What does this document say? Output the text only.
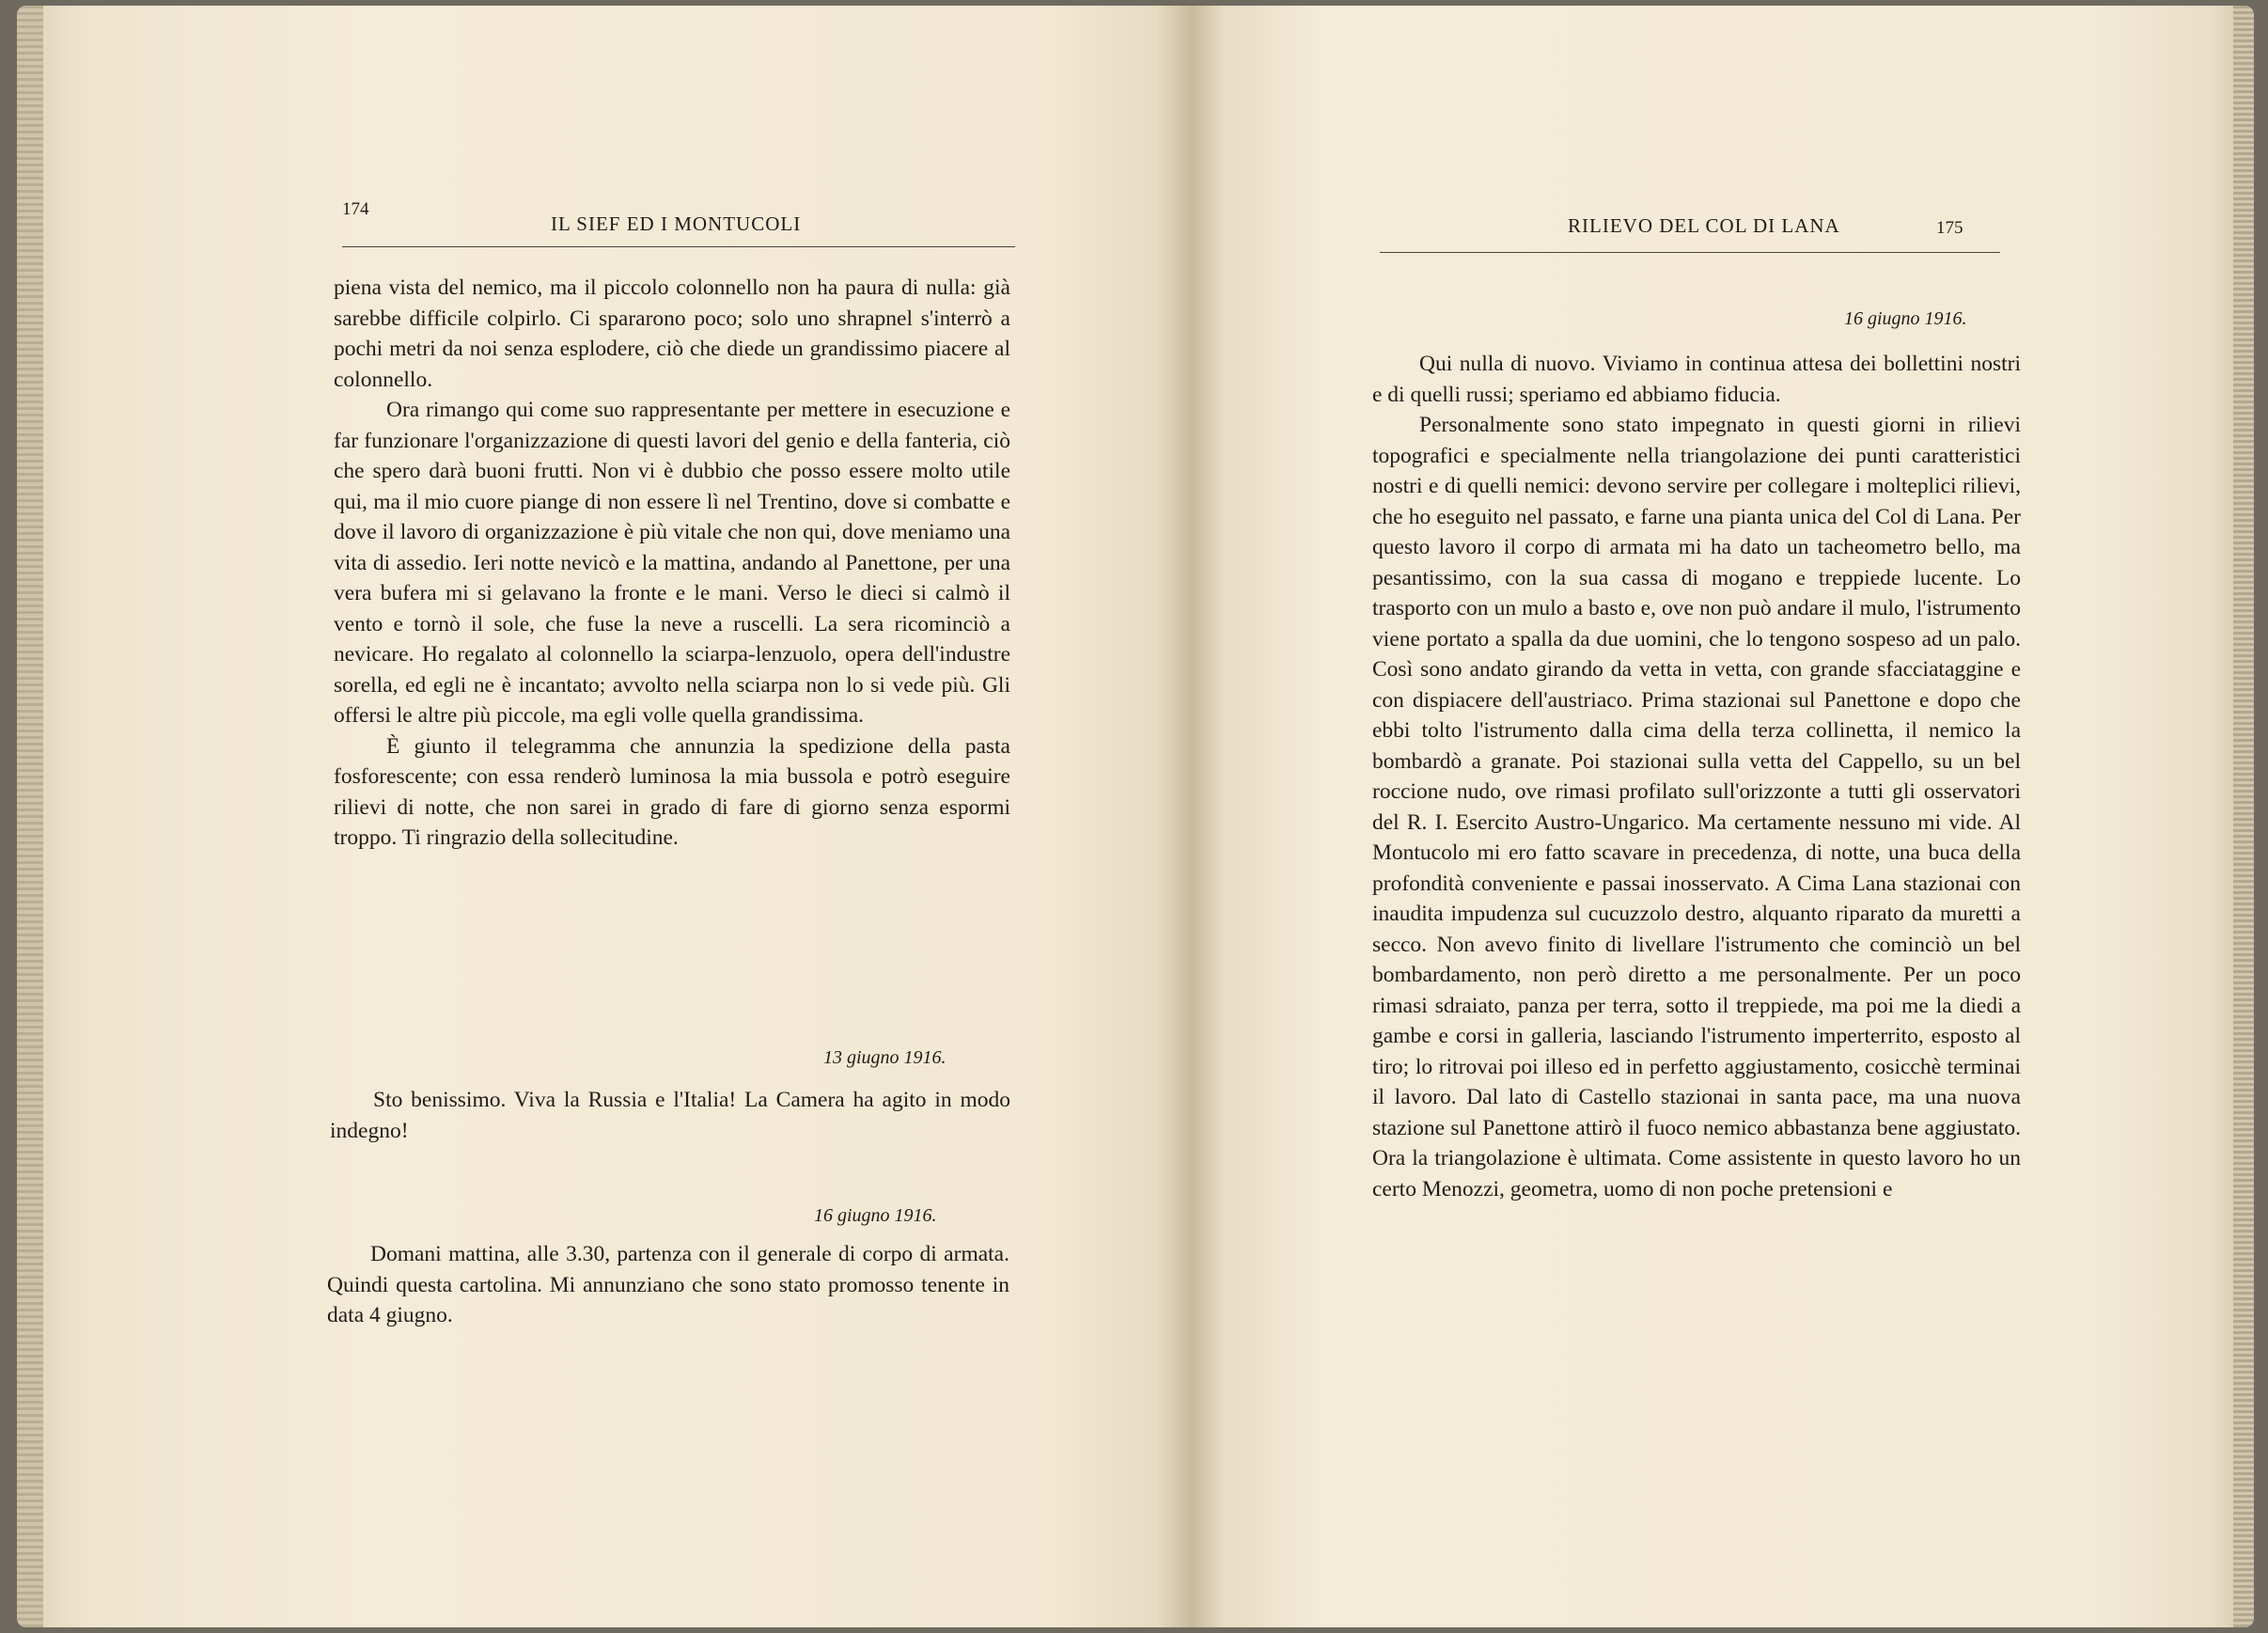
174
IL SIEF ED I MONTUCOLI

piena vista del nemico, ma il piccolo colonnello non ha paura di nulla: già sarebbe difficile colpirlo. Ci spararono poco; solo uno shrapnel s'interrò a pochi metri da noi senza esplodere, ciò che diede un grandissimo piacere al colonnello.

Ora rimango qui come suo rappresentante per mettere in esecuzione e far funzionare l'organizzazione di questi lavori del genio e della fanteria, ciò che spero darà buoni frutti. Non vi è dubbio che posso essere molto utile qui, ma il mio cuore piange di non essere lì nel Trentino, dove si combatte e dove il lavoro di organizzazione è più vitale che non qui, dove meniamo una vita di assedio. Ieri notte nevicò e la mattina, andando al Panettone, per una vera bufera mi si gelavano la fronte e le mani. Verso le dieci si calmò il vento e tornò il sole, che fuse la neve a ruscelli. La sera ricominciò a nevicare. Ho regalato al colonnello la sciarpa-lenzuolo, opera dell'industre sorella, ed egli ne è incantato; avvolto nella sciarpa non lo si vede più. Gli offersi le altre più piccole, ma egli volle quella grandissima.

È giunto il telegramma che annunzia la spedizione della pasta fosforescente; con essa renderò luminosa la mia bussola e potrò eseguire rilievi di notte, che non sarei in grado di fare di giorno senza espormi troppo. Ti ringrazio della sollecitudine.

13 giugno 1916.

Sto benissimo. Viva la Russia e l'Italia! La Camera ha agito in modo indegno!

16 giugno 1916.

Domani mattina, alle 3.30, partenza con il generale di corpo di armata. Quindi questa cartolina. Mi annunziano che sono stato promosso tenente in data 4 giugno.

RILIEVO DEL COL DI LANA	175
16 giugno 1916.

Qui nulla di nuovo. Viviamo in continua attesa dei bollettini nostri e di quelli russi; speriamo ed abbiamo fiducia.

Personalmente sono stato impegnato in questi giorni in rilievi topografici e specialmente nella triangolazione dei punti caratteristici nostri e di quelli nemici: devono servire per collegare i molteplici rilievi, che ho eseguito nel passato, e farne una pianta unica del Col di Lana. Per questo lavoro il corpo di armata mi ha dato un tacheometro bello, ma pesantissimo, con la sua cassa di mogano e treppiede lucente. Lo trasporto con un mulo a basto e, ove non può andare il mulo, l'istrumento viene portato a spalla da due uomini, che lo tengono sospeso ad un palo. Così sono andato girando da vetta in vetta, con grande sfacciataggine e con dispiacere dell'austriaco. Prima stazionai sul Panettone e dopo che ebbi tolto l'istrumento dalla cima della terza collinetta, il nemico la bombardò a granate. Poi stazionai sulla vetta del Cappello, su un bel roccione nudo, ove rimasi profilato sull'orizzonte a tutti gli osservatori del R. I. Esercito Austro-Ungarico. Ma certamente nessuno mi vide. Al Montucolo mi ero fatto scavare in precedenza, di notte, una buca della profondità conveniente e passai inosservato. A Cima Lana stazionai con inaudita impudenza sul cucuzzolo destro, alquanto riparato da muretti a secco. Non avevo finito di livellare l'istrumento che cominciò un bel bombardamento, non però diretto a me personalmente. Per un poco rimasi sdraiato, panza per terra, sotto il treppiede, ma poi me la diedi a gambe e corsi in galleria, lasciando l'istrumento imperterrito, esposto al tiro; lo ritrovai poi illeso ed in perfetto aggiustamento, cosicchè terminai il lavoro. Dal lato di Castello stazionai in santa pace, ma una nuova stazione sul Panettone attirò il fuoco nemico abbastanza bene aggiustato. Ora la triangolazione è ultimata. Come assistente in questo lavoro ho un certo Menozzi, geometra, uomo di non poche pretensioni e
